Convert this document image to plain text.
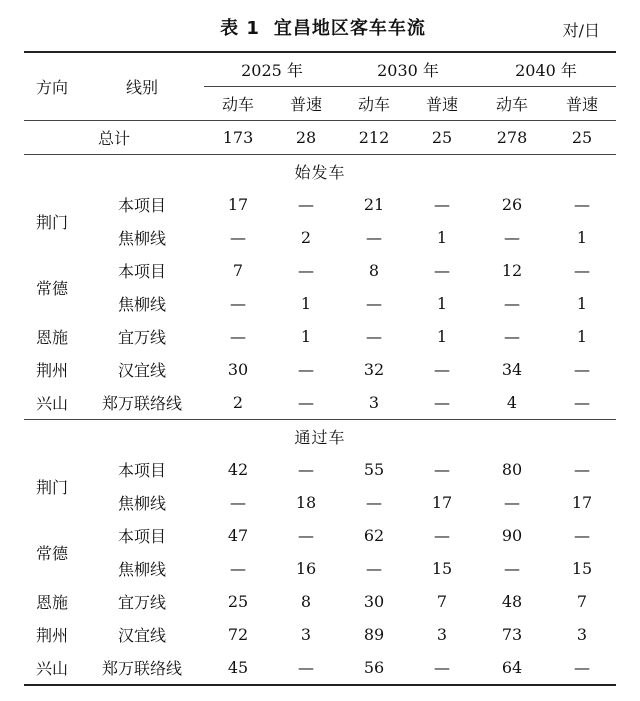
表 1 宜昌地区客车车流	对/日
方向	线别	2025 年		2030 年		2040 年	
		动车	普速	动车	普速	动车	普速
总计		173	28	212	25	278	25
始发车							
荆门	本项目	17	—	21	—	26	—
	焦柳线	—	2	—	1	—	1
常德	本项目	7	—	8	—	12	—
	焦柳线	—	1	—	1	—	1
恩施	宜万线	—	1	—	1	—	1
荆州	汉宜线	30	—	32	—	34	—
兴山	郑万联络线	2	—	3	—	4	—
通过车							
荆门	本项目	42	—	55	—	80	—
	焦柳线	—	18	—	17	—	17
常德	本项目	47	—	62	—	90	—
	焦柳线	—	16	—	15	—	15
恩施	宜万线	25	8	30	7	48	7
荆州	汉宜线	72	3	89	3	73	3
兴山	郑万联络线	45	—	56	—	64	—
